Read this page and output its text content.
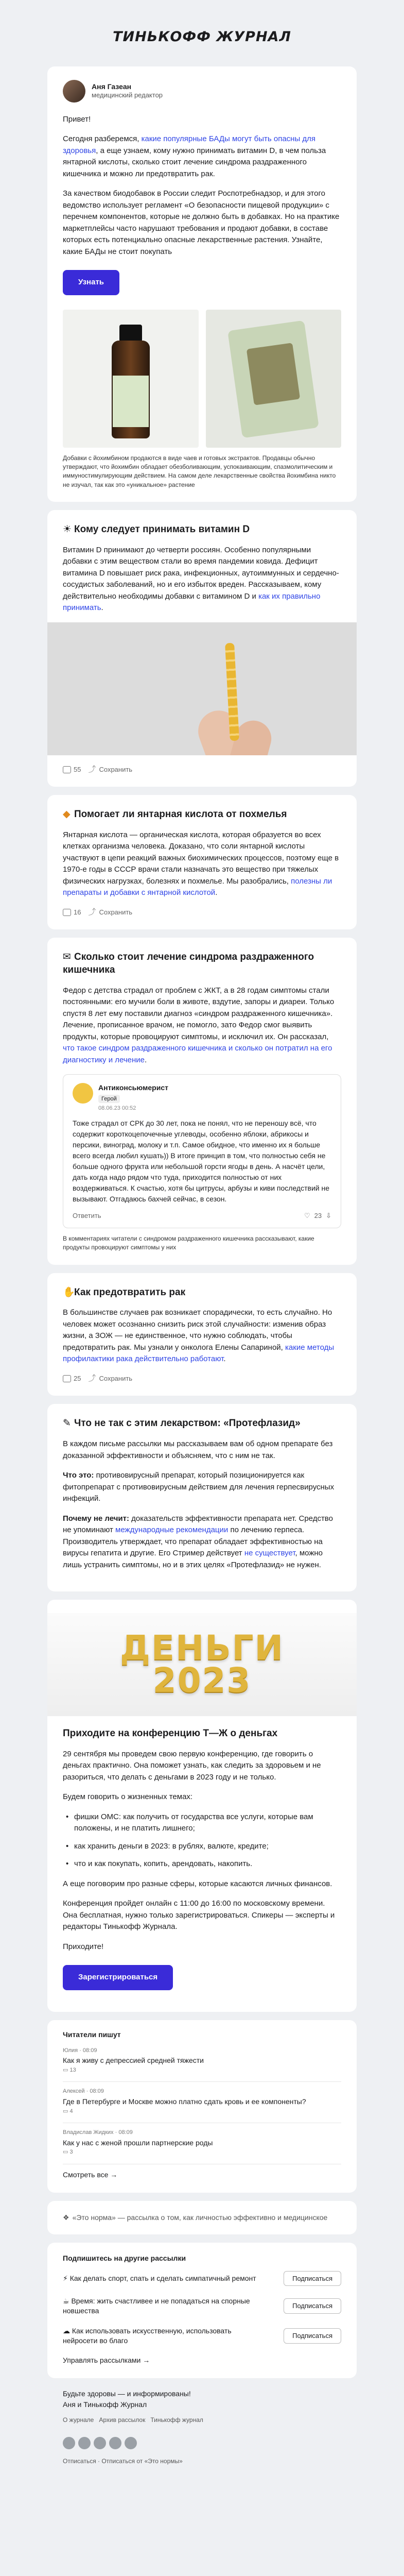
ТИНЬКОФФ ЖУРНАЛ
Аня Газеан
медицинский редактор

Привет!

Сегодня разберемся, какие популярные БАДы могут быть опасны для здоровья, а еще узнаем, кому нужно принимать витамин D, в чем польза янтарной кислоты, сколько стоит лечение синдрома раздраженного кишечника и можно ли предотвратить рак.

За качеством биодобавок в России следит Роспотребнадзор, и для этого ведомство использует регламент «О безопасности пищевой продукции» с перечнем компонентов, которые не должно быть в добавках. Но на практике маркетплейсы часто нарушают требования и продают добавки, в составе которых есть потенциально опасные лекарственные растения. Узнайте, какие БАДы не стоит покупать

Узнать
Добавки с йохимбином продаются в виде чаев и готовых экстрактов. Продавцы обычно утверждают, что йохимбин обладает обезболивающим, успокаивающим, спазмолитическим и иммуностимулирующим действием. На самом деле лекарственные свойства йохимбина никто не изучал, так как это «уникальное» растение
☀ Кому следует принимать витамин D

Витамин D принимают до четверти россиян. Особенно популярными добавки с этим веществом стали во время пандемии ковида. Дефицит витамина D повышает риск рака, инфекционных, аутоиммунных и сердечно-сосудистых заболеваний, но и его избыток вреден. Рассказываем, кому действительно необходимы добавки с витамином D и как их правильно принимать.

55 ⤴	Сохранить
◆ Помогает ли янтарная кислота от похмелья

Янтарная кислота — органическая кислота, которая образуется во всех клетках организма человека. Доказано, что соли янтарной кислоты участвуют в цепи реакций важных биохимических процессов, поэтому еще в 1970-е годы в СССР врачи стали назначать это вещество при тяжелых физических нагрузках, болезнях и похмелье. Мы разобрались, полезны ли препараты и добавки с янтарной кислотой.

16 ⤴	Сохранить
✉ Сколько стоит лечение синдрома раздраженного кишечника

Федор с детства страдал от проблем с ЖКТ, а в 28 годам симптомы стали постоянными: его мучили боли в животе, вздутие, запоры и диареи. Только спустя 8 лет ему поставили диагноз «синдром раздраженного кишечника». Лечение, прописанное врачом, не помогло, зато Федор смог выявить продукты, которые провоцируют симптомы, и исключил их. Он рассказал, что такое синдром раздраженного кишечника и сколько он потратил на его диагностику и лечение.

Антиконсьюмерист
Герой
08.06.23 00:52
Тоже страдал от СРК до 30 лет, пока не понял, что не переношу всё, что содержит короткоцепочечные углеводы, особенно яблоки, абрикосы и персики, виноград, молоку и т.п. Самое обидное, что именно их я больше всего всегда любил кушать)) В итоге принцип в том, что полностью себя не больше одного фрукта или небольшой горсти ягоды в день. А насчёт цели, дать когда надо рядом что туда, приходится полностью от них воздерживаться. К счастью, хотя бы цитрусы, арбузы и киви последствий не вызывают. Отгадаюсь бахчей сейчас, в сезон.
Ответить	♡ 23 ⇩
В комментариях читатели с синдромом раздраженного кишечника рассказывают, какие продукты провоцируют симптомы у них
✋Как предотвратить рак

В большинстве случаев рак возникает спорадически, то есть случайно. Но человек может осознанно снизить риск этой случайности: изменив образ жизни, а ЗОЖ — не единственное, что нужно соблюдать, чтобы предотвратить рак. Мы узнали у онколога Елены Сапариной, какие методы профилактики рака действительно работают.

25 ⤴	Сохранить
✎ Что не так с этим лекарством: «Протефлазид»

В каждом письме рассылки мы рассказываем вам об одном препарате без доказанной эффективности и объясняем, что с ним не так.

Что это: противовирусный препарат, который позиционируется как фитопрепарат с противовирусным действием для лечения герпесвирусных инфекций.

Почему не лечит: доказательств эффективности препарата нет. Средство не упоминают международные рекомендации по лечению герпеса. Производитель утверждает, что препарат обладает эффективностью на вирусы гепатита и другие. Его Стример действует не существует, можно лишь устранить симптомы, но и в этих целях «Протефлазид» не нужен.

ДЕНЬГИ
2023
Приходите на конференцию Т—Ж о деньгах

29 сентября мы проведем свою первую конференцию, где говорить о деньгах практично. Она поможет узнать, как следить за здоровьем и не разориться, что делать с деньгами в 2023 году и не только.

Будем говорить о жизненных темах:

• фишки ОМС: как получить от государства все услуги, которые вам положены, и не платить лишнего;
• как хранить деньги в 2023: в рублях, валюте, кредите;
• что и как покупать, копить, арендовать, накопить.

А еще поговорим про разные сферы, которые касаются личных финансов.

Конференция пройдет онлайн с 11:00 до 16:00 по московскому времени. Она бесплатная, нужно только зарегистрироваться. Спикеры — эксперты и редакторы Тинькофф Журнала.

Приходите!

Зарегистрироваться
Читатели пишут
Юлия · 08:09
Как я живу с депрессией средней тяжести
▭ 13
Алексей · 08:09
Где в Петербурге и Москве можно платно сдать кровь и ее компоненты?
▭ 4
Владислав Жидких · 08:09
Как у нас с женой прошли партнерские роды
▭ 3
Смотреть все →
❖ «Это норма» — рассылка о том, как личностью эффективно и медицинское
Подпишитесь на другие рассылки
⚡ Как делать спорт, спать и сделать симпатичный ремонт	Подписаться
☕ Время: жить счастливее и не попадаться на спорные новшества
Подписаться
☁ Как использовать искусственную, использовать нейросети во благо
Подписаться
Управлять рассылками →
Будьте здоровы — и информированы!
Аня и Тинькофф Журнал
О журнале Архив рассылок Тинькофф журнал
Отписаться · Отписаться от «Это нормы»
